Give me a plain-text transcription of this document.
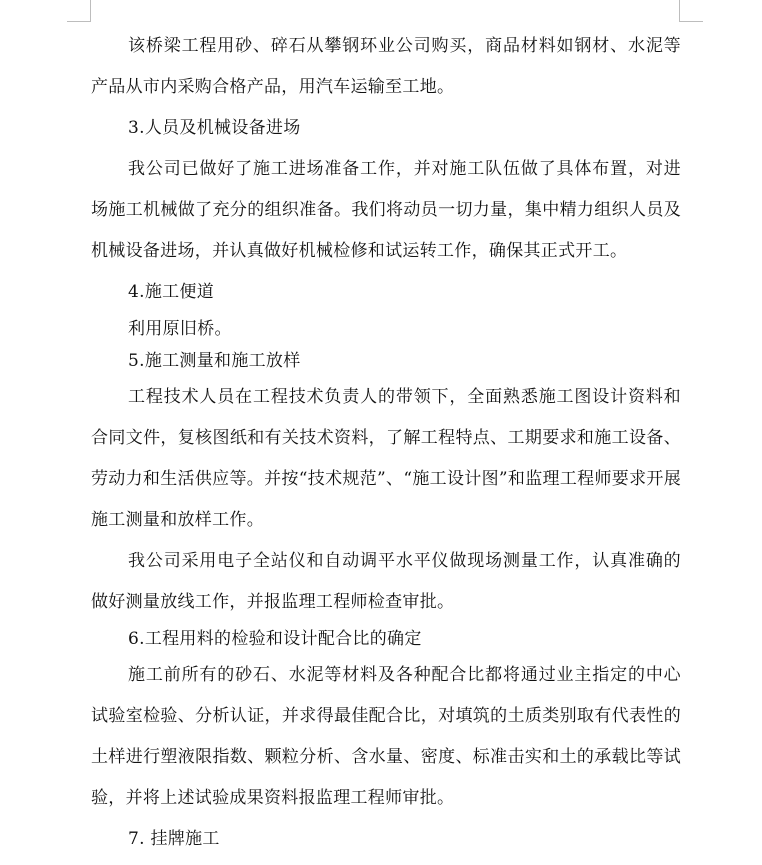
该桥梁工程用砂、碎石从攀钢环业公司购买，商品材料如钢材、水泥等产品从市内采购合格产品，用汽车运输至工地。

3.人员及机械设备进场

我公司已做好了施工进场准备工作，并对施工队伍做了具体布置，对进场施工机械做了充分的组织准备。我们将动员一切力量，集中精力组织人员及机械设备进场，并认真做好机械检修和试运转工作，确保其正式开工。

4.施工便道

利用原旧桥。

5.施工测量和施工放样

工程技术人员在工程技术负责人的带领下，全面熟悉施工图设计资料和合同文件，复核图纸和有关技术资料，了解工程特点、工期要求和施工设备、劳动力和生活供应等。并按“技术规范”、“施工设计图”和监理工程师要求开展施工测量和放样工作。

我公司采用电子全站仪和自动调平水平仪做现场测量工作，认真准确的做好测量放线工作，并报监理工程师检查审批。

6.工程用料的检验和设计配合比的确定

施工前所有的砂石、水泥等材料及各种配合比都将通过业主指定的中心试验室检验、分析认证，并求得最佳配合比，对填筑的土质类别取有代表性的土样进行塑液限指数、颗粒分析、含水量、密度、标准击实和土的承载比等试验，并将上述试验成果资料报监理工程师审批。

7. 挂牌施工
